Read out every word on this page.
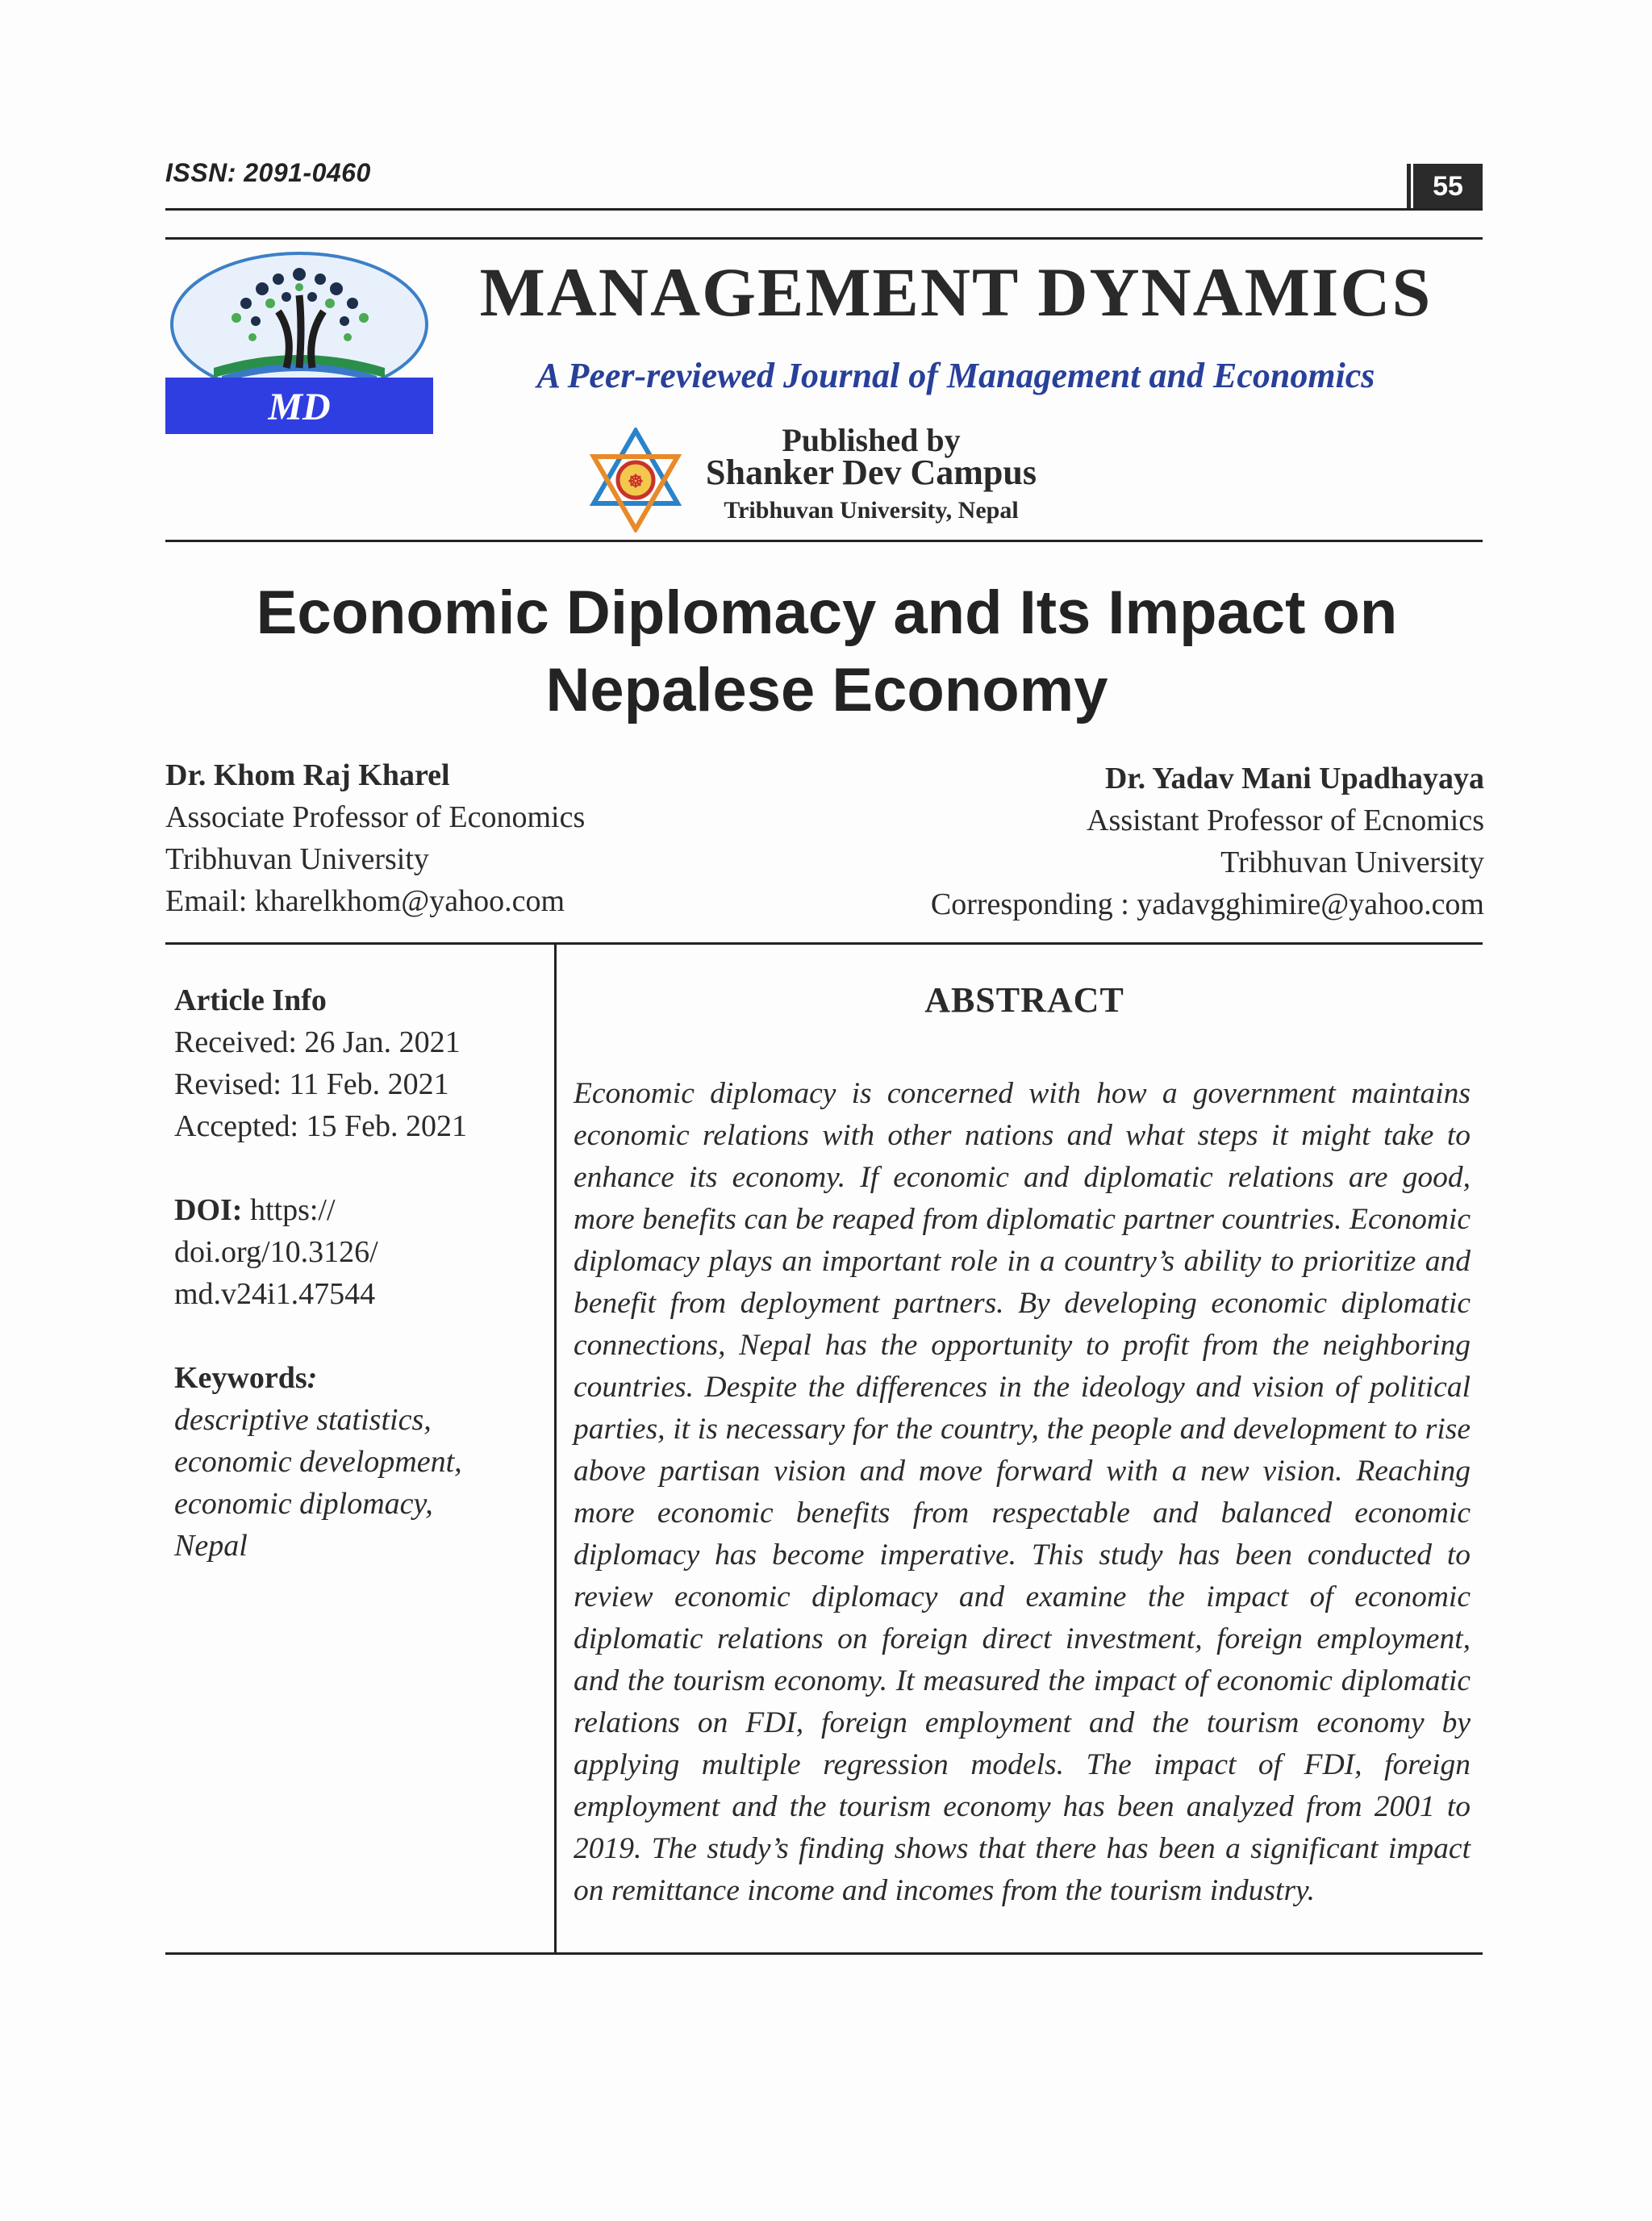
ISSN: 2091-0460	55
MD
MANAGEMENT DYNAMICS
A Peer-reviewed Journal of Management and Economics
☸
Published by
Shanker Dev Campus
Tribhuvan University, Nepal
Economic Diplomacy and Its Impact on
Nepalese Economy
Dr. Khom Raj Kharel
Associate Professor of Economics
Tribhuvan University
Email: kharelkhom@yahoo.com
Dr. Yadav Mani Upadhayaya
Assistant Professor of Ecnomics
Tribhuvan University
Corresponding : yadavgghimire@yahoo.com
Article Info
Received: 26 Jan. 2021
Revised: 11 Feb. 2021
Accepted: 15 Feb. 2021
DOI: https://
doi.org/10.3126/
md.v24i1.47544
Keywords:
descriptive statistics,
economic development,
economic diplomacy,
Nepal
ABSTRACT
Economic diplomacy is concerned with how a government maintains economic relations with other nations and what steps it might take to enhance its economy. If economic and diplomatic relations are good, more benefits can be reaped from diplomatic partner countries. Economic diplomacy plays an important role in a country’s ability to prioritize and benefit from deployment partners. By developing economic diplomatic connections, Nepal has the opportunity to profit from the neighboring countries. Despite the differences in the ideology and vision of political parties, it is necessary for the country, the people and development to rise above partisan vision and move forward with a new vision. Reaching more economic benefits from respectable and balanced economic diplomacy has become imperative. This study has been conducted to review economic diplomacy and examine the impact of economic diplomatic relations on foreign direct investment, foreign employment, and the tourism economy. It measured the impact of economic diplomatic relations on FDI, foreign employment and the tourism economy by applying multiple regression models. The impact of FDI, foreign employment and the tourism economy has been analyzed from 2001 to 2019. The study’s finding shows that there has been a significant impact on remittance income and incomes from the tourism industry.
